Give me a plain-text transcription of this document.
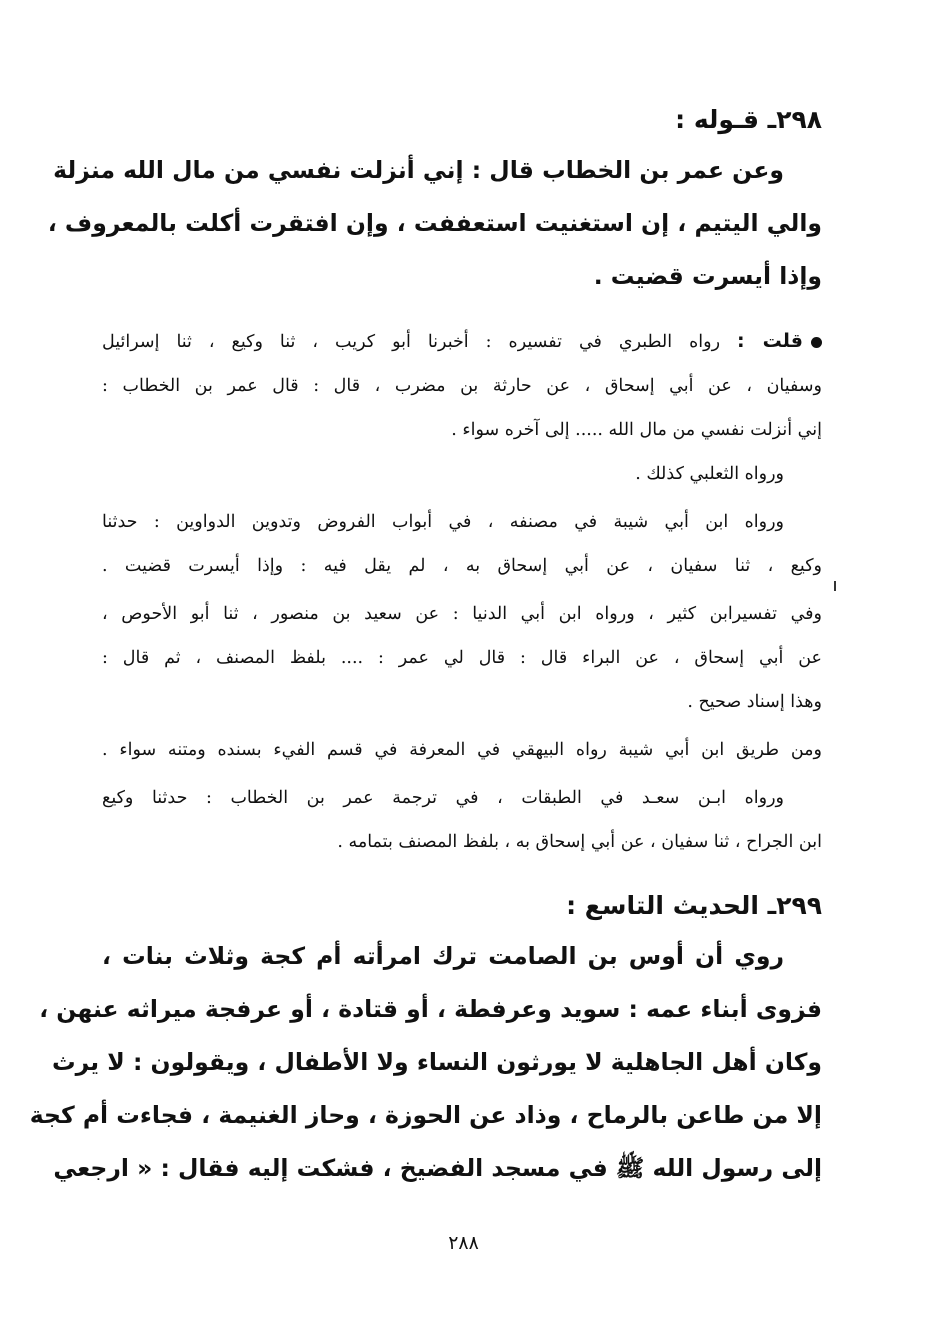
٢٩٨ـ قـوله :
وعن عمر بن الخطاب قال : إني أنزلت نفسي من مال الله منزلة
والي اليتيم ، إن استغنيت استعففت ، وإن افتقرت أكلت بالمعروف ،
وإذا أيسرت قضيت .
قلت : رواه الطبري في تفسيره : أخبرنا أبو كريب ، ثنا وكيع ، ثنا إسرائيل
وسفيان ، عن أبي إسحاق ، عن حارثة بن مضرب ، قال : قال عمر بن الخطاب :
إني أنزلت نفسي من مال الله ..... إلى آخره سواء .
ورواه الثعلبي كذلك .
ورواه ابن أبي شيبة في مصنفه ، في أبواب الفروض وتدوين الدواوين : حدثنا
وكيع ، ثنا سفيان ، عن أبي إسحاق به ، لم يقل فيه : وإذا أيسرت قضيت .
وفي تفسيرابن كثير ، ورواه ابن أبي الدنيا : عن سعيد بن منصور ، ثنا أبو الأحوص ،
عن أبي إسحاق ، عن البراء قال : قال لي عمر : .... بلفظ المصنف ، ثم قال :
وهذا إسناد صحيح .
ومن طريق ابن أبي شيبة رواه البيهقي في المعرفة في قسم الفيء بسنده ومتنه سواء .
ورواه ابـن سعـد في الطبقات ، في ترجمة عمر بن الخطاب : حدثنا وكيع
ابن الجراح ، ثنا سفيان ، عن أبي إسحاق به ، بلفظ المصنف بتمامه .
٢٩٩ـ الحديث التاسع :
روي أن أوس بن الصامت ترك امرأته أم كجة وثلاث بنات ،
فزوى أبناء عمه : سويد وعرفطة ، أو قتادة ، أو عرفجة ميراثه عنهن ،
وكان أهل الجاهلية لا يورثون النساء ولا الأطفال ، ويقولون : لا يرث
إلا من طاعن بالرماح ، وذاد عن الحوزة ، وحاز الغنيمة ، فجاءت أم كجة
إلى رسول الله ﷺ في مسجد الفضيخ ، فشكت إليه فقال : « ارجعي
٢٨٨
